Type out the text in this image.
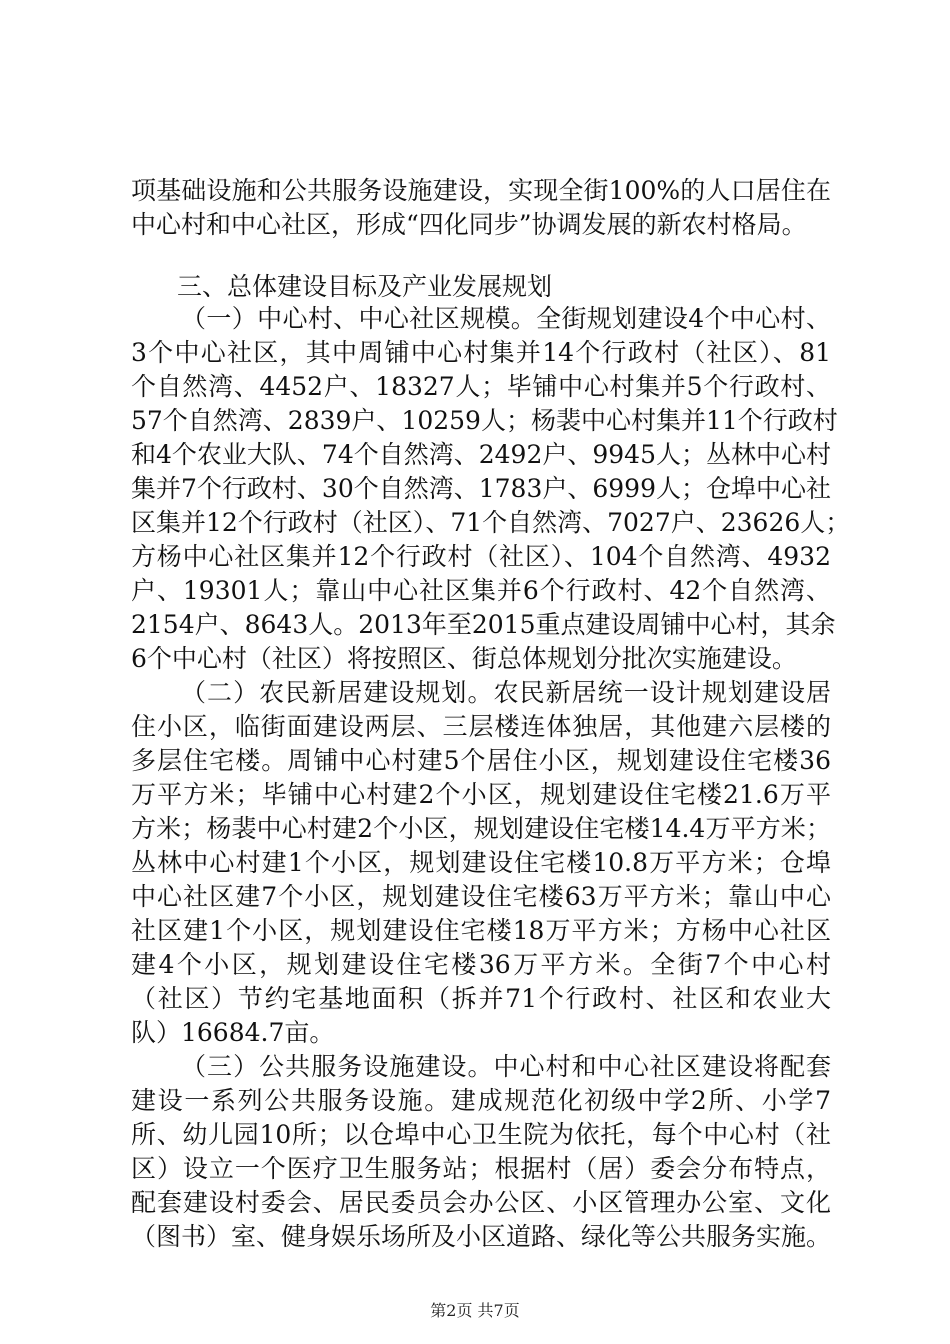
项基础设施和公共服务设施建设，实现全街100%的人口居住在
中心村和中心社区，形成“四化同步”协调发展的新农村格局。
三、总体建设目标及产业发展规划
（一）中心村、中心社区规模。全街规划建设4个中心村、
3个中心社区，其中周铺中心村集并14个行政村（社区）、81
个自然湾、4452户、18327人；毕铺中心村集并5个行政村、
57个自然湾、2839户、10259人；杨裴中心村集并11个行政村
和4个农业大队、74个自然湾、2492户、9945人；丛林中心村
集并7个行政村、30个自然湾、1783户、6999人；仓埠中心社
区集并12个行政村（社区）、71个自然湾、7027户、23626人；
方杨中心社区集并12个行政村（社区）、104个自然湾、4932
户、19301人；靠山中心社区集并6个行政村、42个自然湾、
2154户、8643人。2013年至2015重点建设周铺中心村，其余
6个中心村（社区）将按照区、街总体规划分批次实施建设。
（二）农民新居建设规划。农民新居统一设计规划建设居
住小区，临街面建设两层、三层楼连体独居，其他建六层楼的
多层住宅楼。周铺中心村建5个居住小区，规划建设住宅楼36
万平方米；毕铺中心村建2个小区，规划建设住宅楼21.6万平
方米；杨裴中心村建2个小区，规划建设住宅楼14.4万平方米；
丛林中心村建1个小区，规划建设住宅楼10.8万平方米；仓埠
中心社区建7个小区，规划建设住宅楼63万平方米；靠山中心
社区建1个小区，规划建设住宅楼18万平方米；方杨中心社区
建4个小区，规划建设住宅楼36万平方米。全街7个中心村
（社区）节约宅基地面积（拆并71个行政村、社区和农业大
队）16684.7亩。
（三）公共服务设施建设。中心村和中心社区建设将配套
建设一系列公共服务设施。建成规范化初级中学2所、小学7
所、幼儿园10所；以仓埠中心卫生院为依托，每个中心村（社
区）设立一个医疗卫生服务站；根据村（居）委会分布特点，
配套建设村委会、居民委员会办公区、小区管理办公室、文化
（图书）室、健身娱乐场所及小区道路、绿化等公共服务实施。
第2页 共7页
